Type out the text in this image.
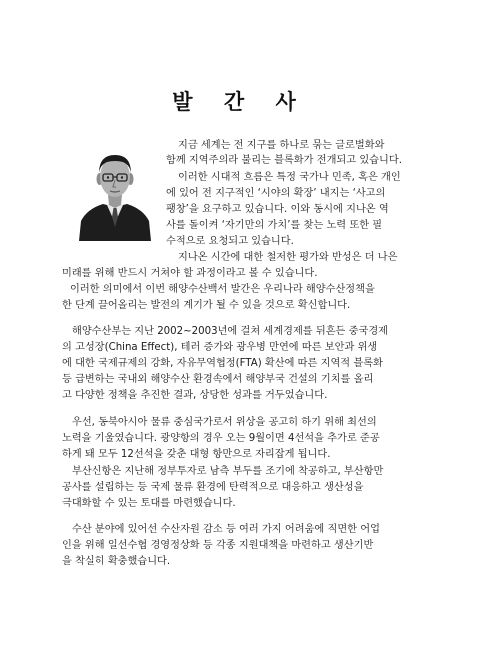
발 간 사
지금 세계는 전 지구를 하나로 묶는 글로벌화와
함께 지역주의라 불리는 블록화가 전개되고 있습니다.
이러한 시대적 흐름은 특정 국가나 민족, 혹은 개인
에 있어 전 지구적인 ‘시야의 확장’ 내지는 ‘사고의
팽창’을 요구하고 있습니다. 이와 동시에 지나온 역
사를 돌이켜 ‘자기만의 가치’를 찾는 노력 또한 필
수적으로 요청되고 있습니다.
지나온 시간에 대한 철저한 평가와 반성은 더 나은
미래를 위해 반드시 거쳐야 할 과정이라고 볼 수 있습니다.
이러한 의미에서 이번 해양수산백서 발간은 우리나라 해양수산정책을
한 단계 끌어올리는 발전의 계기가 될 수 있을 것으로 확신합니다.
해양수산부는 지난 2002~2003년에 걸쳐 세계경제를 뒤흔든 중국경제
의 고성장(China Effect), 테러 증가와 광우병 만연에 따른 보안과 위생
에 대한 국제규제의 강화, 자유무역협정(FTA) 확산에 따른 지역적 블록화
등 급변하는 국내외 해양수산 환경속에서 해양부국 건설의 기치를 올리
고 다양한 정책을 추진한 결과, 상당한 성과를 거두었습니다.
우선, 동북아시아 물류 중심국가로서 위상을 공고히 하기 위해 최선의
노력을 기울였습니다. 광양항의 경우 오는 9월이면 4선석을 추가로 준공
하게 돼 모두 12선석을 갖춘 대형 항만으로 자리잡게 됩니다.
부산신항은 지난해 정부투자로 남측 부두를 조기에 착공하고, 부산항만
공사를 설립하는 등 국제 물류 환경에 탄력적으로 대응하고 생산성을
극대화할 수 있는 토대를 마련했습니다.
수산 분야에 있어선 수산자원 감소 등 여러 가지 어려움에 직면한 어업
인을 위해 일선수협 경영정상화 등 각종 지원대책을 마련하고 생산기반
을 착실히 확충했습니다.
